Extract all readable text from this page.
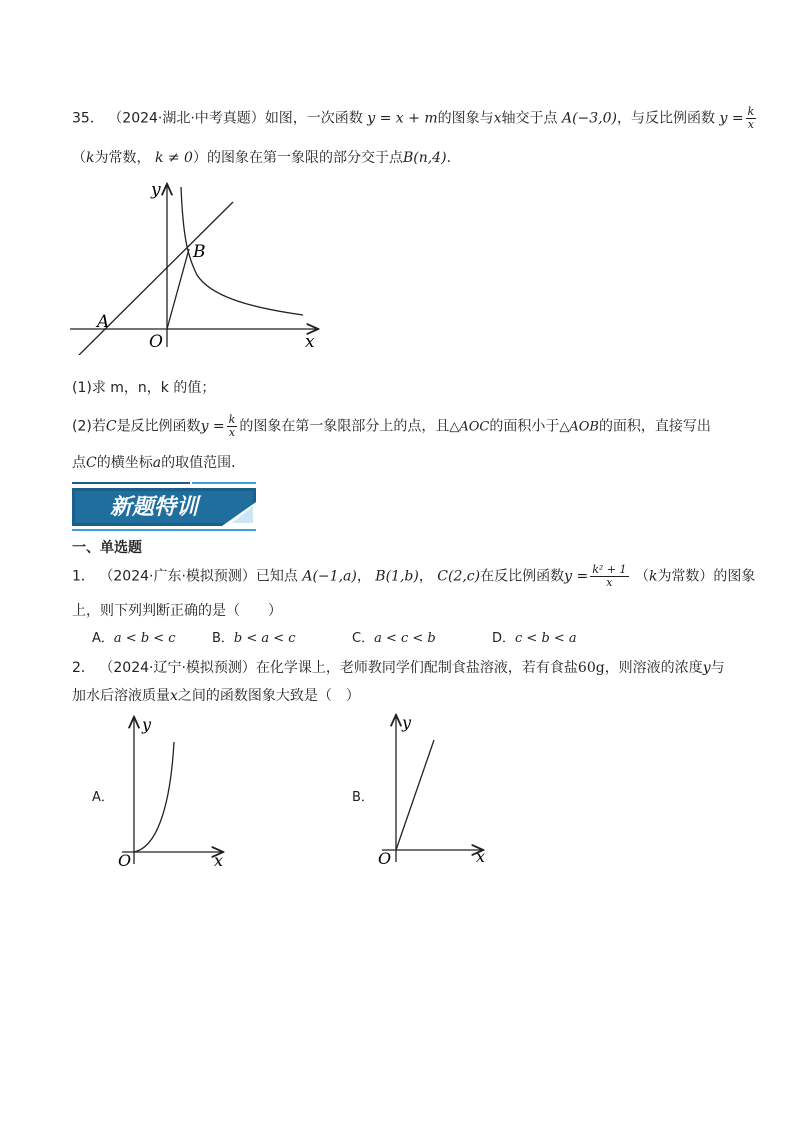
35． （2024·湖北·中考真题）如图，一次函数 y = x + m的图象与x轴交于点 A(−3,0)，与反比例函数 $y = \frac{k}{x}$
（k为常数， k ≠ 0）的图象在第一象限的部分交于点B(n,4)．
y
x
O
A
B
(1)求 m，n，k 的值；
(2)若C是反比例函数$y = \frac{k}{x}$ 的图象在第一象限部分上的点，且△AOC的面积小于△AOB的面积，直接写出
点C的横坐标a的取值范围．
新题特训
一、单选题
1． （2024·广东·模拟预测）已知点 A(−1,a)， B(1,b)， C(2,c)在反比例函数$y = \frac{\text{k² + 1}}{x} (k$为常数）的图象
上，则下列判断正确的是（　　）
A．a < b < c	B．b < a < c	C．a < c < b	D．c < b < a
2． （2024·辽宁·模拟预测）在化学课上，老师教同学们配制食盐溶液，若有食盐60g，则溶液的浓度y与
加水后溶液质量x之间的函数图象大致是（　）
A．
y
x
O
B．
y
x
O
